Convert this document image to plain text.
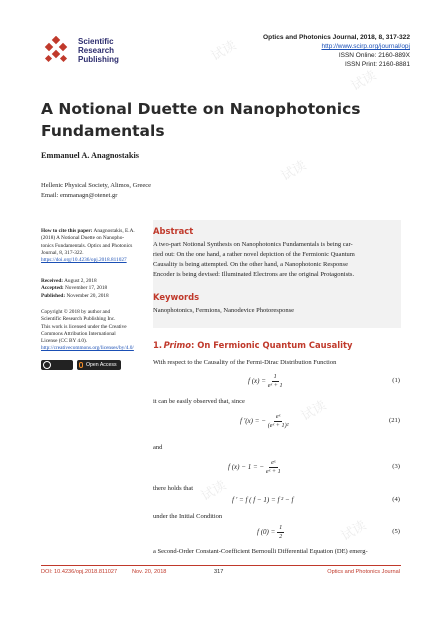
试读
试读
试读
试读
试读
试读
Scientific
Research
Publishing
Optics and Photonics Journal, 2018, 8, 317-322
http://www.scirp.org/journal/opj
ISSN Online: 2160-889X
ISSN Print: 2160-8881
A Notional Duette on Nanophotonics
Fundamentals
Emmanuel A. Anagnostakis
Hellenic Physical Society, Alimos, Greece
Email: emmanagn@otenet.gr
How to cite this paper: Anagnostakis, E.A.
(2018) A Notional Duette on Nanopho-
tonics Fundamentals. Optics and Photonics
Journal, 8, 317-322.
https://doi.org/10.4236/opj.2018.811027
Received: August 2, 2018
Accepted: November 17, 2018
Published: November 20, 2018
Copyright © 2018 by author and
Scientific Research Publishing Inc.
This work is licensed under the Creative
Commons Attribution International
License (CC BY 4.0).
http://creativecommons.org/licenses/by/4.0/
Open Access
Abstract
A two-part Notional Synthesis on Nanophotonics Fundamentals is being car-
ried out: On the one hand, a rather novel depiction of the Fermionic Quantum
Causality is being attempted. On the other hand, a Nanophotonic Response
Encoder is being devised: Illuminated Electrons are the original Protagonists.
Keywords
Nanophotonics, Fermions, Nanodevice Photoresponse
1. Primo: On Fermionic Quantum Causality
With respect to the Causality of the Fermi-Dirac Distribution Function
f $(x) = \frac{1}{\text{eˣ + 1}}$	(1)
it can be easily observed that, since
f ′(x) = − $\frac{\text{eˣ}}{\text{(eˣ + 1)²}}$	(21)
and
f (x) − 1 = − $\frac{\text{eˣ}}{\text{eˣ + 1}}$	(3)
there holds that
f ′ = f ( f − 1) = f ² − f	(4)
under the Initial Condition
f $(0) = \frac{1}{2}$	(5)
a Second-Order Constant-Coefficient Bernoulli Differential Equation (DE) emerg-
DOI: 10.4236/opj.2018.811027	Nov. 20, 2018	317	Optics and Photonics Journal
